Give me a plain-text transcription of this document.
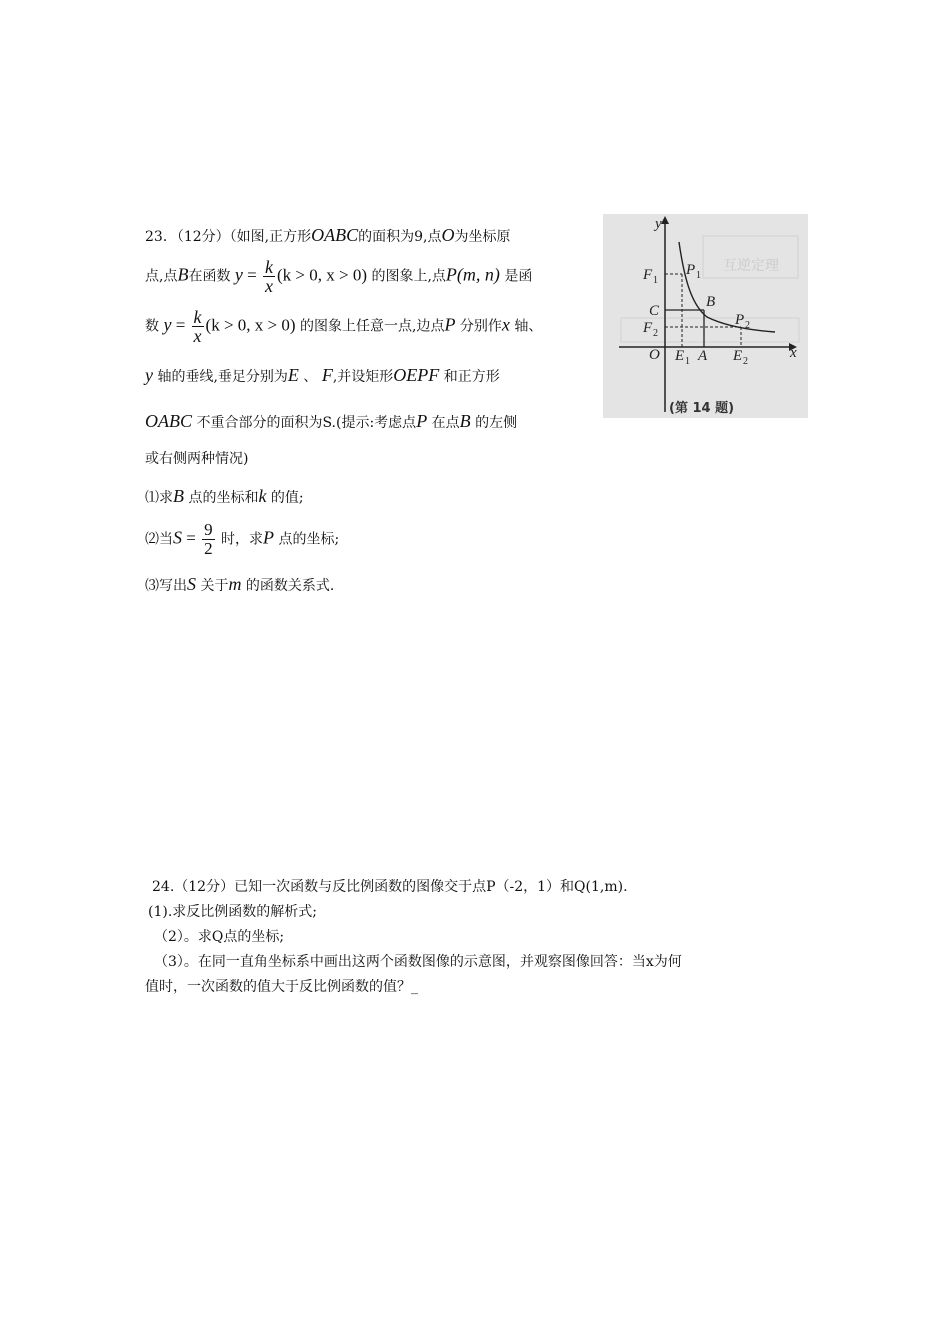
23．（12分）（如图,正方形OABC的面积为9,点O为坐标原
点,点B在函数 $y = \frac{k}{x} (k > 0$, x > 0) 的图象上,点P(m, n) 是函
数 $y = \frac{k}{x} (k > 0$, x > 0) 的图象上任意一点,边点P 分别作x 轴、
y 轴的垂线,垂足分别为E 、 F,并设矩形OEPF 和正方形
OABC 不重合部分的面积为S.(提示:考虑点P 在点B 的左侧
或右侧两种情况)
⑴求B 点的坐标和k 的值;
⑵当$S = \frac{9}{2}$ 时，求P 点的坐标;
⑶写出S 关于m 的函数关系式.
互逆定理
y
x
O
F 1
C
F 2
P 1
B
P 2
E 1 A E 2
(第 14 题)
24.（12分）已知一次函数与反比例函数的图像交于点P（-2，1）和Q(1,m).
(1).求反比例函数的解析式;
（2）。求Q点的坐标;
（3）。在同一直角坐标系中画出这两个函数图像的示意图，并观察图像回答：当x为何
值时，一次函数的值大于反比例函数的值？_
